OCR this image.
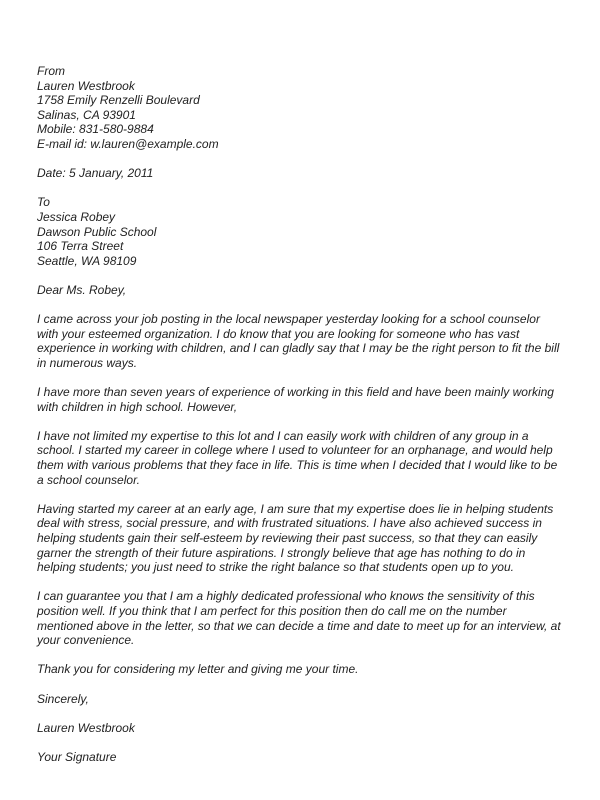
From
Lauren Westbrook
1758 Emily Renzelli Boulevard
Salinas, CA 93901
Mobile: 831-580-9884
E-mail id: w.lauren@example.com
Date: 5 January, 2011
To
Jessica Robey
Dawson Public School
106 Terra Street
Seattle, WA 98109
Dear Ms. Robey,

I came across your job posting in the local newspaper yesterday looking for a school counselor with your esteemed organization. I do know that you are looking for someone who has vast experience in working with children, and I can gladly say that I may be the right person to fit the bill in numerous ways.

I have more than seven years of experience of working in this field and have been mainly working with children in high school. However,

I have not limited my expertise to this lot and I can easily work with children of any group in a school. I started my career in college where I used to volunteer for an orphanage, and would help them with various problems that they face in life. This is time when I decided that I would like to be a school counselor.

Having started my career at an early age, I am sure that my expertise does lie in helping students deal with stress, social pressure, and with frustrated situations. I have also achieved success in helping students gain their self-esteem by reviewing their past success, so that they can easily garner the strength of their future aspirations. I strongly believe that age has nothing to do in helping students; you just need to strike the right balance so that students open up to you.

I can guarantee you that I am a highly dedicated professional who knows the sensitivity of this position well. If you think that I am perfect for this position then do call me on the number mentioned above in the letter, so that we can decide a time and date to meet up for an interview, at your convenience.

Thank you for considering my letter and giving me your time.

Sincerely,
Lauren Westbrook
Your Signature
